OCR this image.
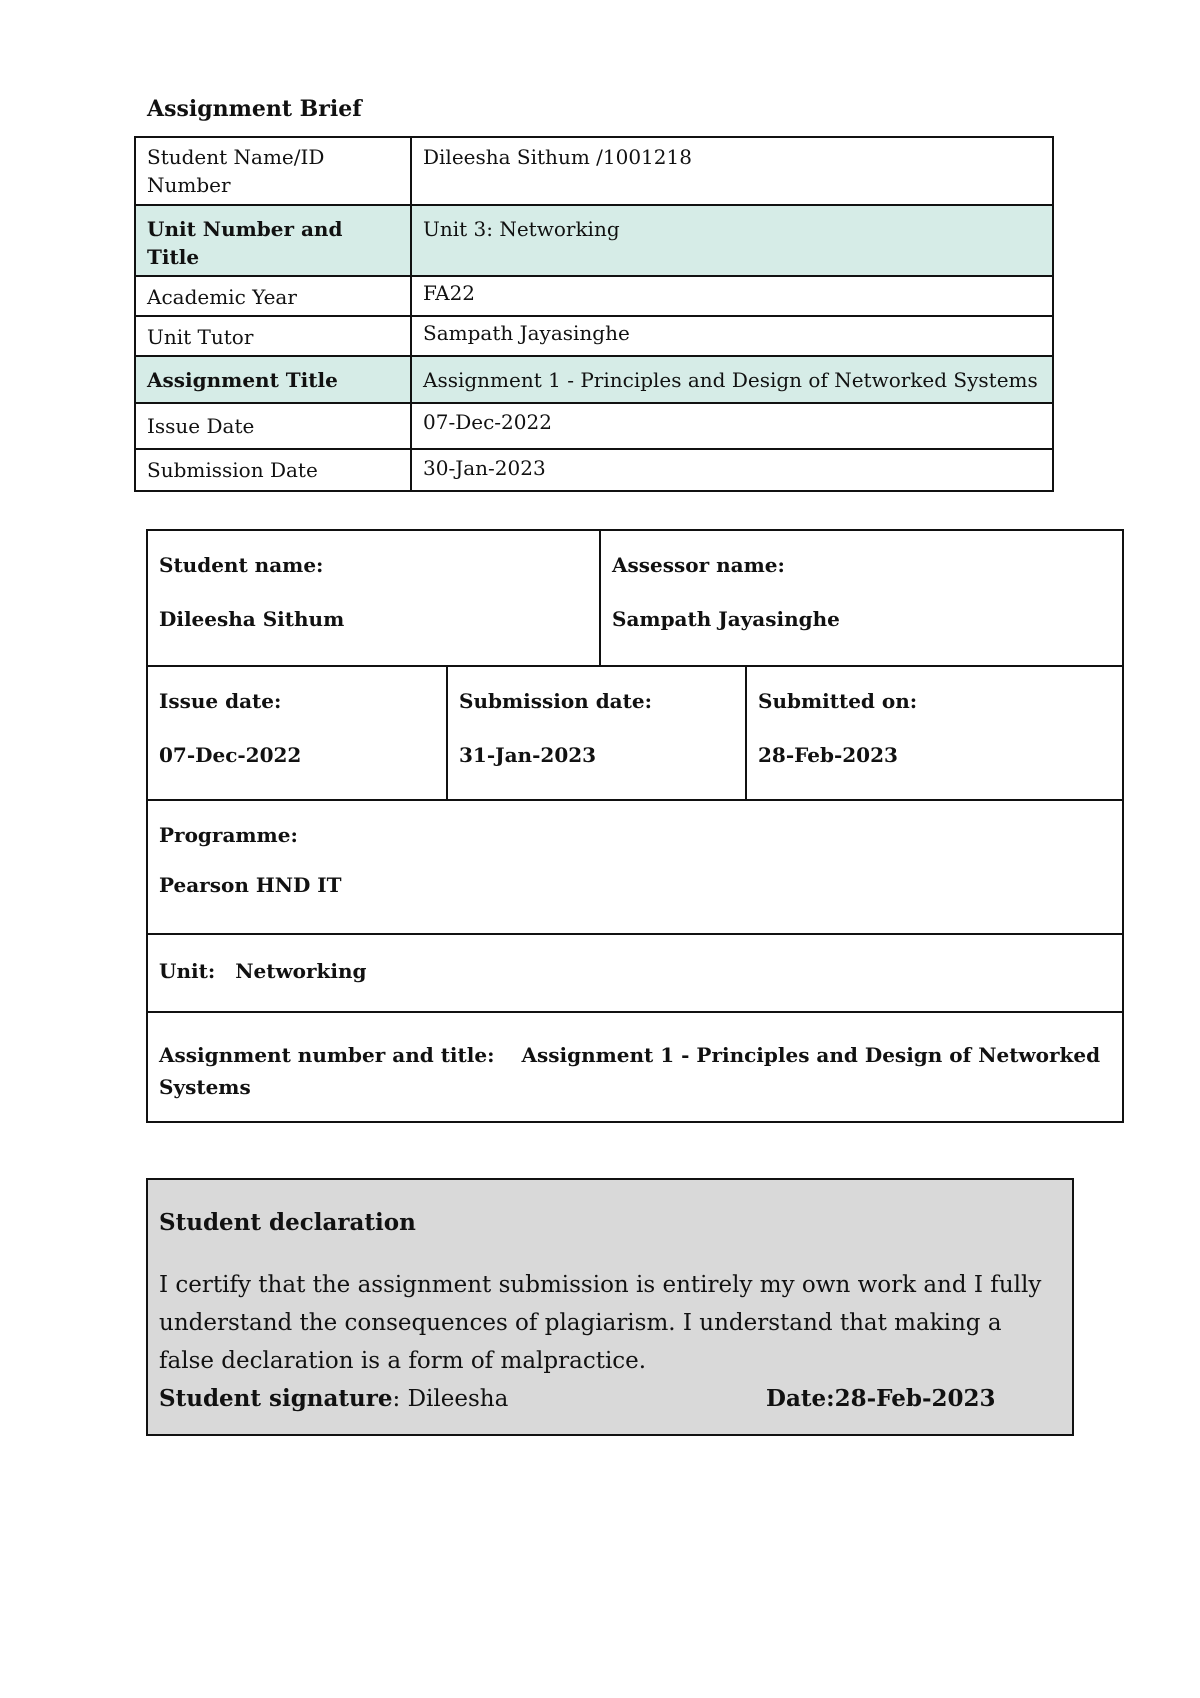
Assignment Brief
Student Name/ID Number	Dileesha Sithum /1001218
Unit Number and Title	Unit 3: Networking
Academic Year	FA22
Unit Tutor	Sampath Jayasinghe
Assignment Title	Assignment 1 - Principles and Design of Networked Systems
Issue Date	07-Dec-2022
Submission Date	30-Jan-2023
Student name:
Dileesha Sithum
Assessor name:
Sampath Jayasinghe
Issue date:
07-Dec-2022
Submission date:
31-Jan-2023
Submitted on:
28-Feb-2023
Programme:
Pearson HND IT
Unit: Networking
Assignment number and title: Assignment 1 - Principles and Design of Networked Systems
Student declaration

I certify that the assignment submission is entirely my own work and I fully understand the consequences of plagiarism. I understand that making a false declaration is a form of malpractice.

Student signature: Dileesha	Date:28-Feb-2023
